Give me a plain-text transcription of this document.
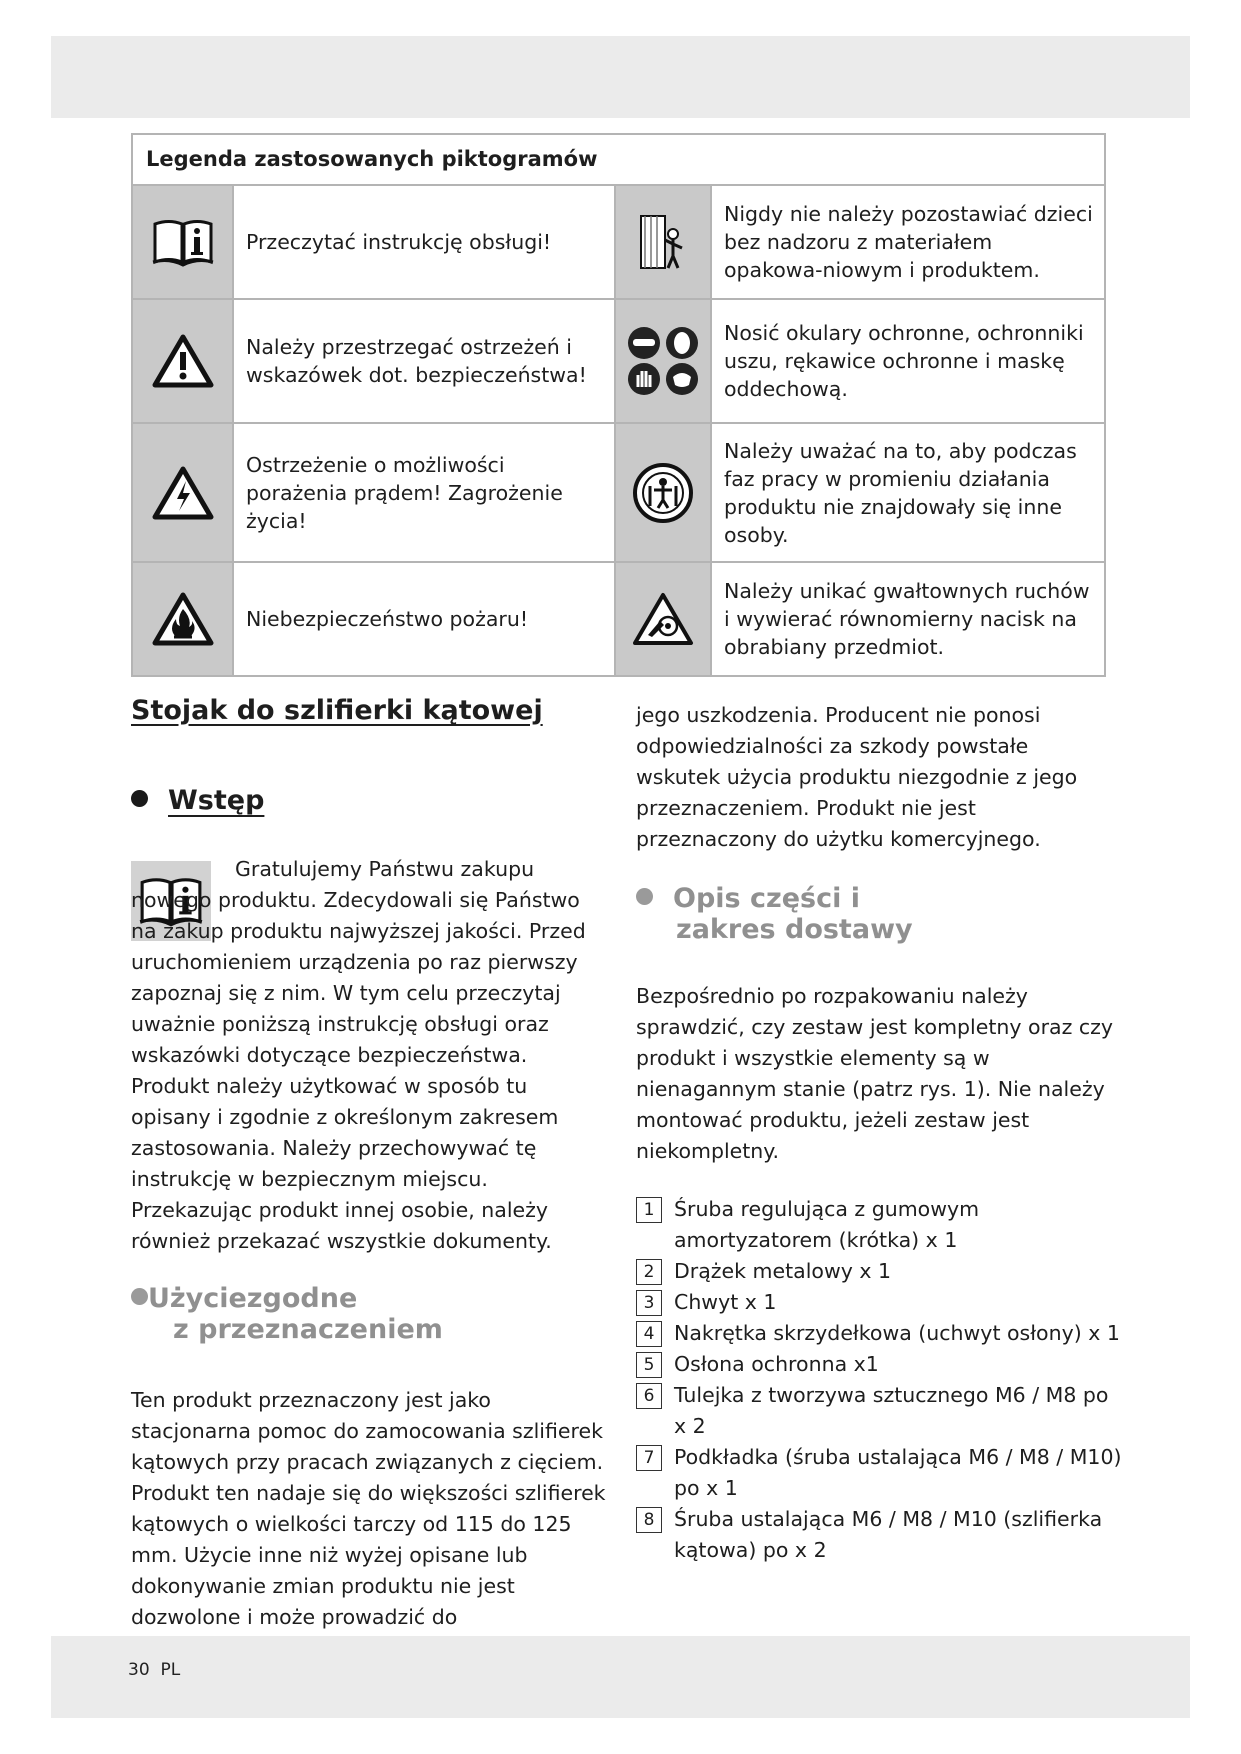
Legenda zastosowanych piktogramów
Przeczytać instrukcję obsługi!
Nigdy nie należy pozostawiać dzieci bez nadzoru z materiałem opakowa-niowym i produktem.
Należy przestrzegać ostrzeżeń i wskazówek dot. bezpieczeństwa!
Nosić okulary ochronne, ochronniki uszu, rękawice ochronne i maskę oddechową.
Ostrzeżenie o możliwości porażenia prądem! Zagrożenie życia!
Należy uważać na to, aby podczas faz pracy w promieniu działania produktu nie znajdowały się inne osoby.
Niebezpieczeństwo pożaru!
Należy unikać gwałtownych ruchów i wywierać równomierny nacisk na obrabiany przedmiot.
Stojak do szlifierki kątowej
Wstęp

Gratulujemy Państwu zakupu nowego produktu. Zdecydowali się Państwo na zakup produktu najwyższej jakości. Przed uruchomieniem urządzenia po raz pierwszy zapoznaj się z nim. W tym celu przeczytaj uważnie poniższą instrukcję obsługi oraz wskazówki dotyczące bezpieczeństwa. Produkt należy użytkować w sposób tu opisany i zgodnie z określonym zakresem zastosowania. Należy przechowywać tę instrukcję w bezpiecznym miejscu. Przekazując produkt innej osobie, należy również przekazać wszystkie dokumenty.

Użyciezgodne
z przeznaczeniem

Ten produkt przeznaczony jest jako stacjonarna pomoc do zamocowania szlifierek kątowych przy pracach związanych z cięciem. Produkt ten nadaje się do większości szlifierek kątowych o wielkości tarczy od 115 do 125 mm. Użycie inne niż wyżej opisane lub dokonywanie zmian produktu nie jest dozwolone i może prowadzić do

jego uszkodzenia. Producent nie ponosi odpowiedzialności za szkody powstałe wskutek użycia produktu niezgodnie z jego przeznaczeniem. Produkt nie jest przeznaczony do użytku komercyjnego.

Opis części i
zakres dostawy

Bezpośrednio po rozpakowaniu należy sprawdzić, czy zestaw jest kompletny oraz czy produkt i wszystkie elementy są w nienagannym stanie (patrz rys. 1). Nie należy montować produktu, jeżeli zestaw jest niekompletny.

1 Śruba regulująca z gumowym amortyzatorem (krótka) x 1
2 Drążek metalowy x 1
3 Chwyt x 1
4 Nakrętka skrzydełkowa (uchwyt osłony) x 1
5 Osłona ochronna x1
6 Tulejka z tworzywa sztucznego M6 / M8 po x 2
7 Podkładka (śruba ustalająca M6 / M8 / M10) po x 1
8 Śruba ustalająca M6 / M8 / M10 (szlifierka kątowa) po x 2
30 PL
